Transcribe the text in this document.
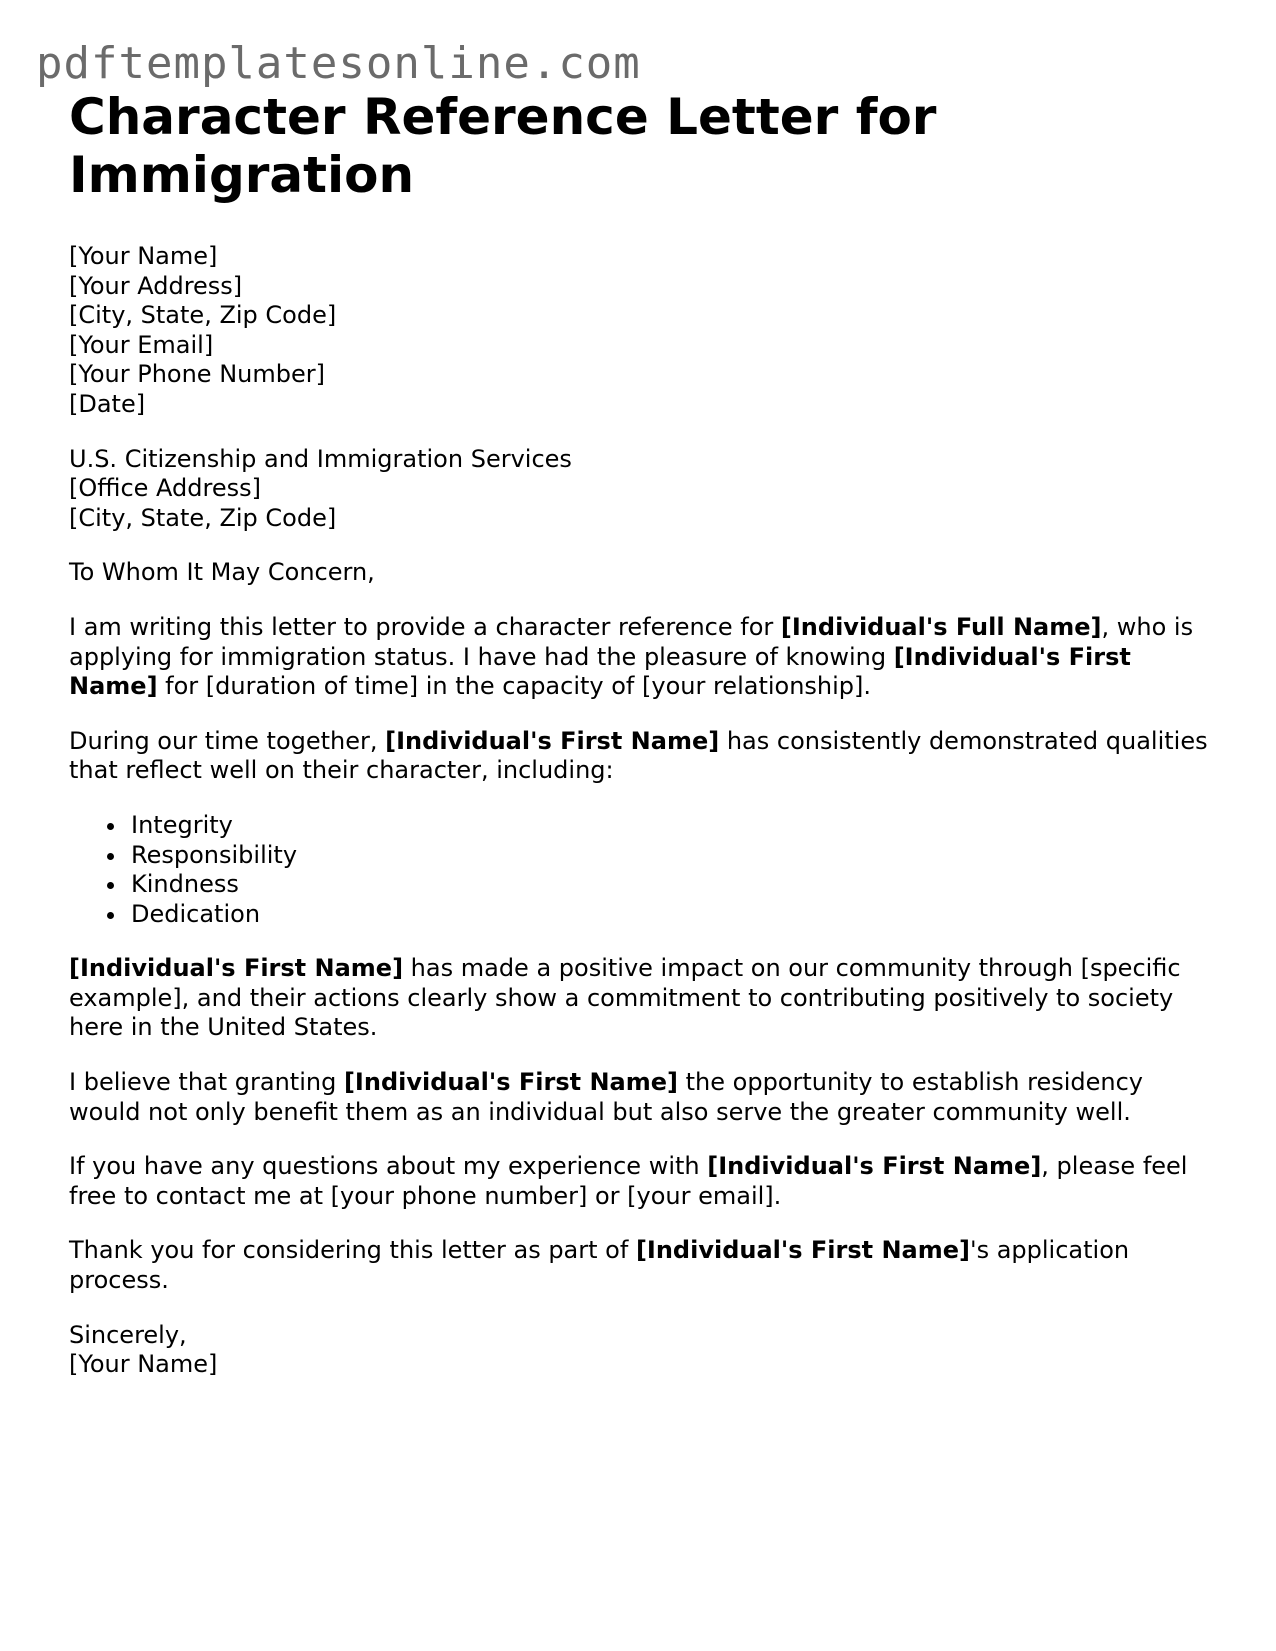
pdftemplatesonline.com
Character Reference Letter for Immigration
[Your Name]
[Your Address]
[City, State, Zip Code]
[Your Email]
[Your Phone Number]
[Date]
U.S. Citizenship and Immigration Services
[Office Address]
[City, State, Zip Code]

To Whom It May Concern,

I am writing this letter to provide a character reference for [Individual's Full Name], who is applying for immigration status. I have had the pleasure of knowing [Individual's First Name] for [duration of time] in the capacity of [your relationship].

During our time together, [Individual's First Name] has consistently demonstrated qualities that reflect well on their character, including:

Integrity
Responsibility
Kindness
Dedication

[Individual's First Name] has made a positive impact on our community through [specific example], and their actions clearly show a commitment to contributing positively to society here in the United States.

I believe that granting [Individual's First Name] the opportunity to establish residency would not only benefit them as an individual but also serve the greater community well.

If you have any questions about my experience with [Individual's First Name], please feel free to contact me at [your phone number] or [your email].

Thank you for considering this letter as part of [Individual's First Name]'s application process.

Sincerely,
[Your Name]
